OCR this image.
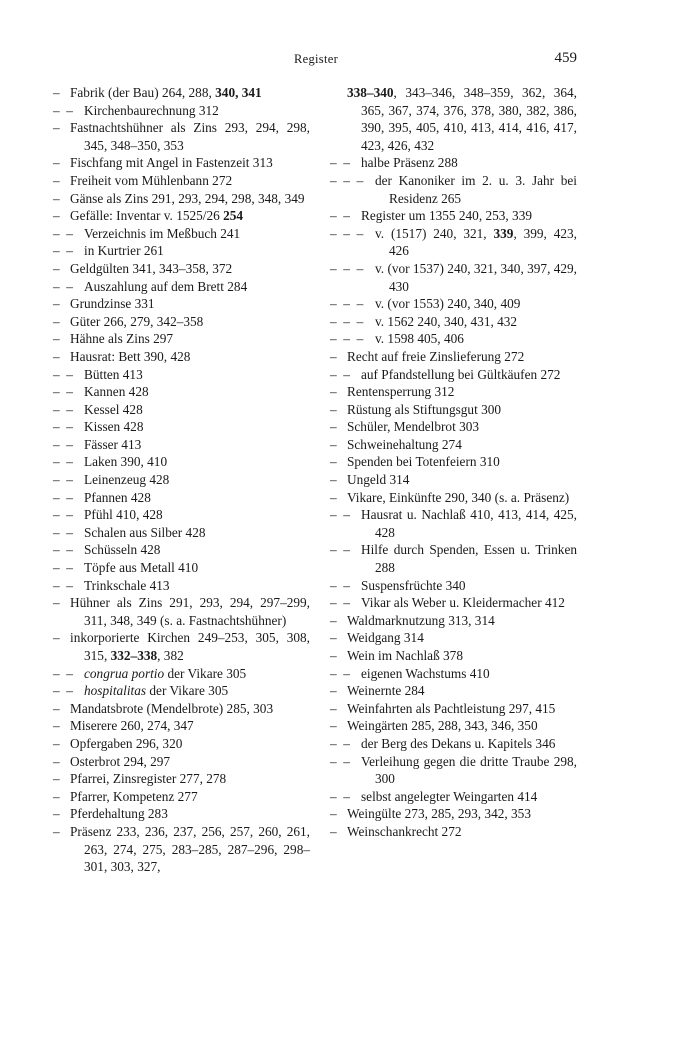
Register	459
– Fabrik (der Bau) 264, 288, 340, 341
– – Kirchenbaurechnung 312
– Fastnachtshühner als Zins 293, 294, 298, 345, 348–350, 353
– Fischfang mit Angel in Fastenzeit 313
– Freiheit vom Mühlenbann 272
– Gänse als Zins 291, 293, 294, 298, 348, 349
– Gefälle: Inventar v. 1525/26 254
– – Verzeichnis im Meßbuch 241
– – in Kurtrier 261
– Geldgülten 341, 343–358, 372
– – Auszahlung auf dem Brett 284
– Grundzinse 331
– Güter 266, 279, 342–358
– Hähne als Zins 297
– Hausrat: Bett 390, 428
– – Bütten 413
– – Kannen 428
– – Kessel 428
– – Kissen 428
– – Fässer 413
– – Laken 390, 410
– – Leinenzeug 428
– – Pfannen 428
– – Pfühl 410, 428
– – Schalen aus Silber 428
– – Schüsseln 428
– – Töpfe aus Metall 410
– – Trinkschale 413
– Hühner als Zins 291, 293, 294, 297–299, 311, 348, 349 (s. a. Fastnachtshühner)
– inkorporierte Kirchen 249–253, 305, 308, 315, 332–338, 382
– – congrua portio der Vikare 305
– – hospitalitas der Vikare 305
– Mandatsbrote (Mendelbrote) 285, 303
– Miserere 260, 274, 347
– Opfergaben 296, 320
– Osterbrot 294, 297
– Pfarrei, Zinsregister 277, 278
– Pfarrer, Kompetenz 277
– Pferdehaltung 283
– Präsenz 233, 236, 237, 256, 257, 260, 261, 263, 274, 275, 283–285, 287–296, 298–301, 303, 327,
338–340, 343–346, 348–359, 362, 364, 365, 367, 374, 376, 378, 380, 382, 386, 390, 395, 405, 410, 413, 414, 416, 417, 423, 426, 432
– – halbe Präsenz 288
– – – der Kanoniker im 2. u. 3. Jahr bei Residenz 265
– – Register um 1355 240, 253, 339
– – – v. (1517) 240, 321, 339, 399, 423, 426
– – – v. (vor 1537) 240, 321, 340, 397, 429, 430
– – – v. (vor 1553) 240, 340, 409
– – – v. 1562 240, 340, 431, 432
– – – v. 1598 405, 406
– Recht auf freie Zinslieferung 272
– – auf Pfandstellung bei Gültkäufen 272
– Rentensperrung 312
– Rüstung als Stiftungsgut 300
– Schüler, Mendelbrot 303
– Schweinehaltung 274
– Spenden bei Totenfeiern 310
– Ungeld 314
– Vikare, Einkünfte 290, 340 (s. a. Präsenz)
– – Hausrat u. Nachlaß 410, 413, 414, 425, 428
– – Hilfe durch Spenden, Essen u. Trinken 288
– – Suspensfrüchte 340
– – Vikar als Weber u. Kleidermacher 412
– Waldmarknutzung 313, 314
– Weidgang 314
– Wein im Nachlaß 378
– – eigenen Wachstums 410
– Weinernte 284
– Weinfahrten als Pachtleistung 297, 415
– Weingärten 285, 288, 343, 346, 350
– – der Berg des Dekans u. Kapitels 346
– – Verleihung gegen die dritte Traube 298, 300
– – selbst angelegter Weingarten 414
– Weingülte 273, 285, 293, 342, 353
– Weinschankrecht 272
